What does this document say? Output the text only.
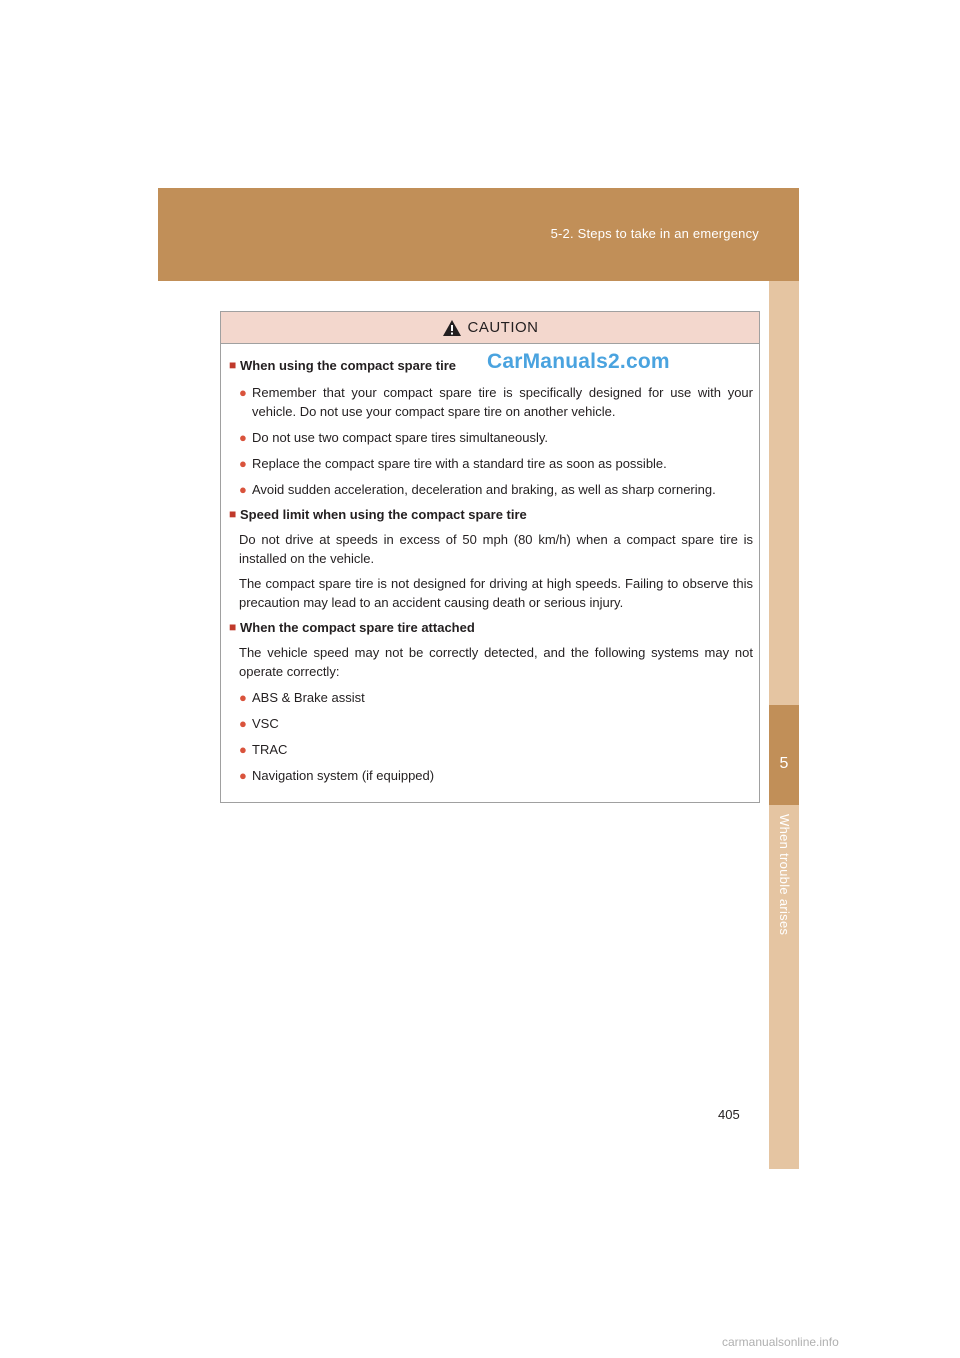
5-2. Steps to take in an emergency
5
When trouble arises
CAUTION
■ When using the compact spare tire
● Remember that your compact spare tire is specifically designed for use with your vehicle. Do not use your compact spare tire on another vehicle.
● Do not use two compact spare tires simultaneously.
● Replace the compact spare tire with a standard tire as soon as possible.
● Avoid sudden acceleration, deceleration and braking, as well as sharp cornering.
■ Speed limit when using the compact spare tire
Do not drive at speeds in excess of 50 mph (80 km/h) when a compact spare tire is installed on the vehicle.
The compact spare tire is not designed for driving at high speeds. Failing to observe this precaution may lead to an accident causing death or serious injury.
■ When the compact spare tire attached
The vehicle speed may not be correctly detected, and the following systems may not operate correctly:
● ABS & Brake assist
● VSC
● TRAC
● Navigation system (if equipped)
CarManuals2.com
405
carmanualsonline.info
